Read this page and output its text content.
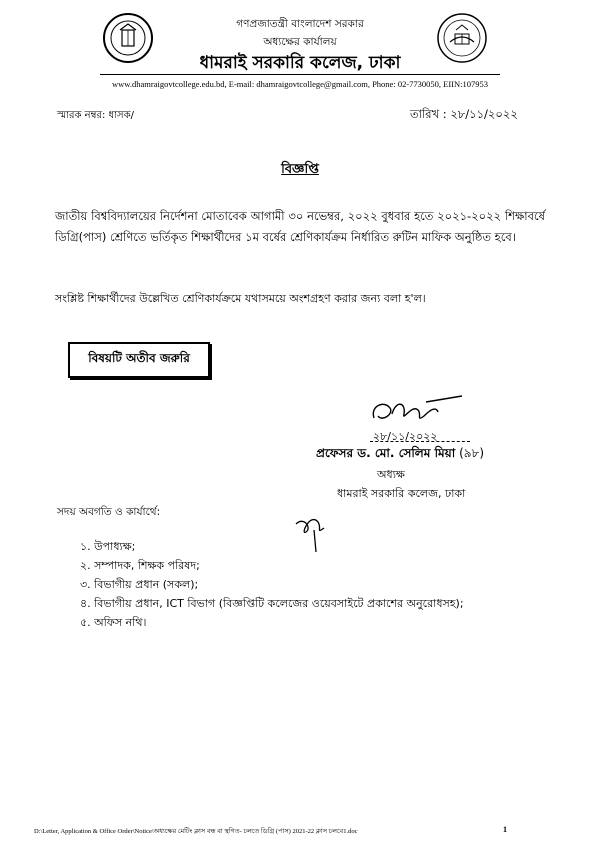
গণপ্রজাতন্ত্রী বাংলাদেশ সরকার
অধ্যক্ষের কার্যালয়
ধামরাই সরকারি কলেজ, ঢাকা
www.dhamraigovtcollege.edu.bd, E-mail: dhamraigovtcollege@gmail.com, Phone: 02-7730050, EIIN:107953
স্মারক নম্বর: ধাসক/	তারিখ : ২৮/১১/২০২২
বিজ্ঞপ্তি
জাতীয় বিশ্ববিদ্যালয়ের নির্দেশনা মোতাবেক আগামী ৩০ নভেম্বর, ২০২২ বুধবার হতে ২০২১-২০২২ শিক্ষাবর্ষে ডিগ্রি(পাস) শ্রেণিতে ভর্তিকৃত শিক্ষার্থীদের ১ম বর্ষের শ্রেণিকার্যক্রম নির্ধারিত রুটিন মাফিক অনুষ্ঠিত হবে।
সংশ্লিষ্ট শিক্ষার্থীদের উল্লেখিত শ্রেণিকার্যক্রমে যথাসময়ে অংশগ্রহণ করার জন্য বলা হ'ল।
বিষয়টি অতীব জরুরি
২৮/১১/২০২২
প্রফেসর ড. মো. সেলিম মিয়া (৯৮)
অধ্যক্ষ
ধামরাই সরকারি কলেজ, ঢাকা
সদয় অবগতি ও কার্যার্থে:
১. উপাধ্যক্ষ;
২. সম্পাদক, শিক্ষক পরিষদ;
৩. বিভাগীয় প্রধান (সকল);
৪. বিভাগীয় প্রধান, ICT বিভাগ (বিজ্ঞপ্তিটি কলেজের ওয়েবসাইটে প্রকাশের অনুরোধসহ);
৫. অফিস নথি।
D:\Letter, Application & Office Order\Notice\অধ্যক্ষের মেটিং ক্লাস বন্ধ বা স্থগিত- চলতে ডিগ্রি (পাস) 2021-22 ক্লাস চলবে1.doc	1
